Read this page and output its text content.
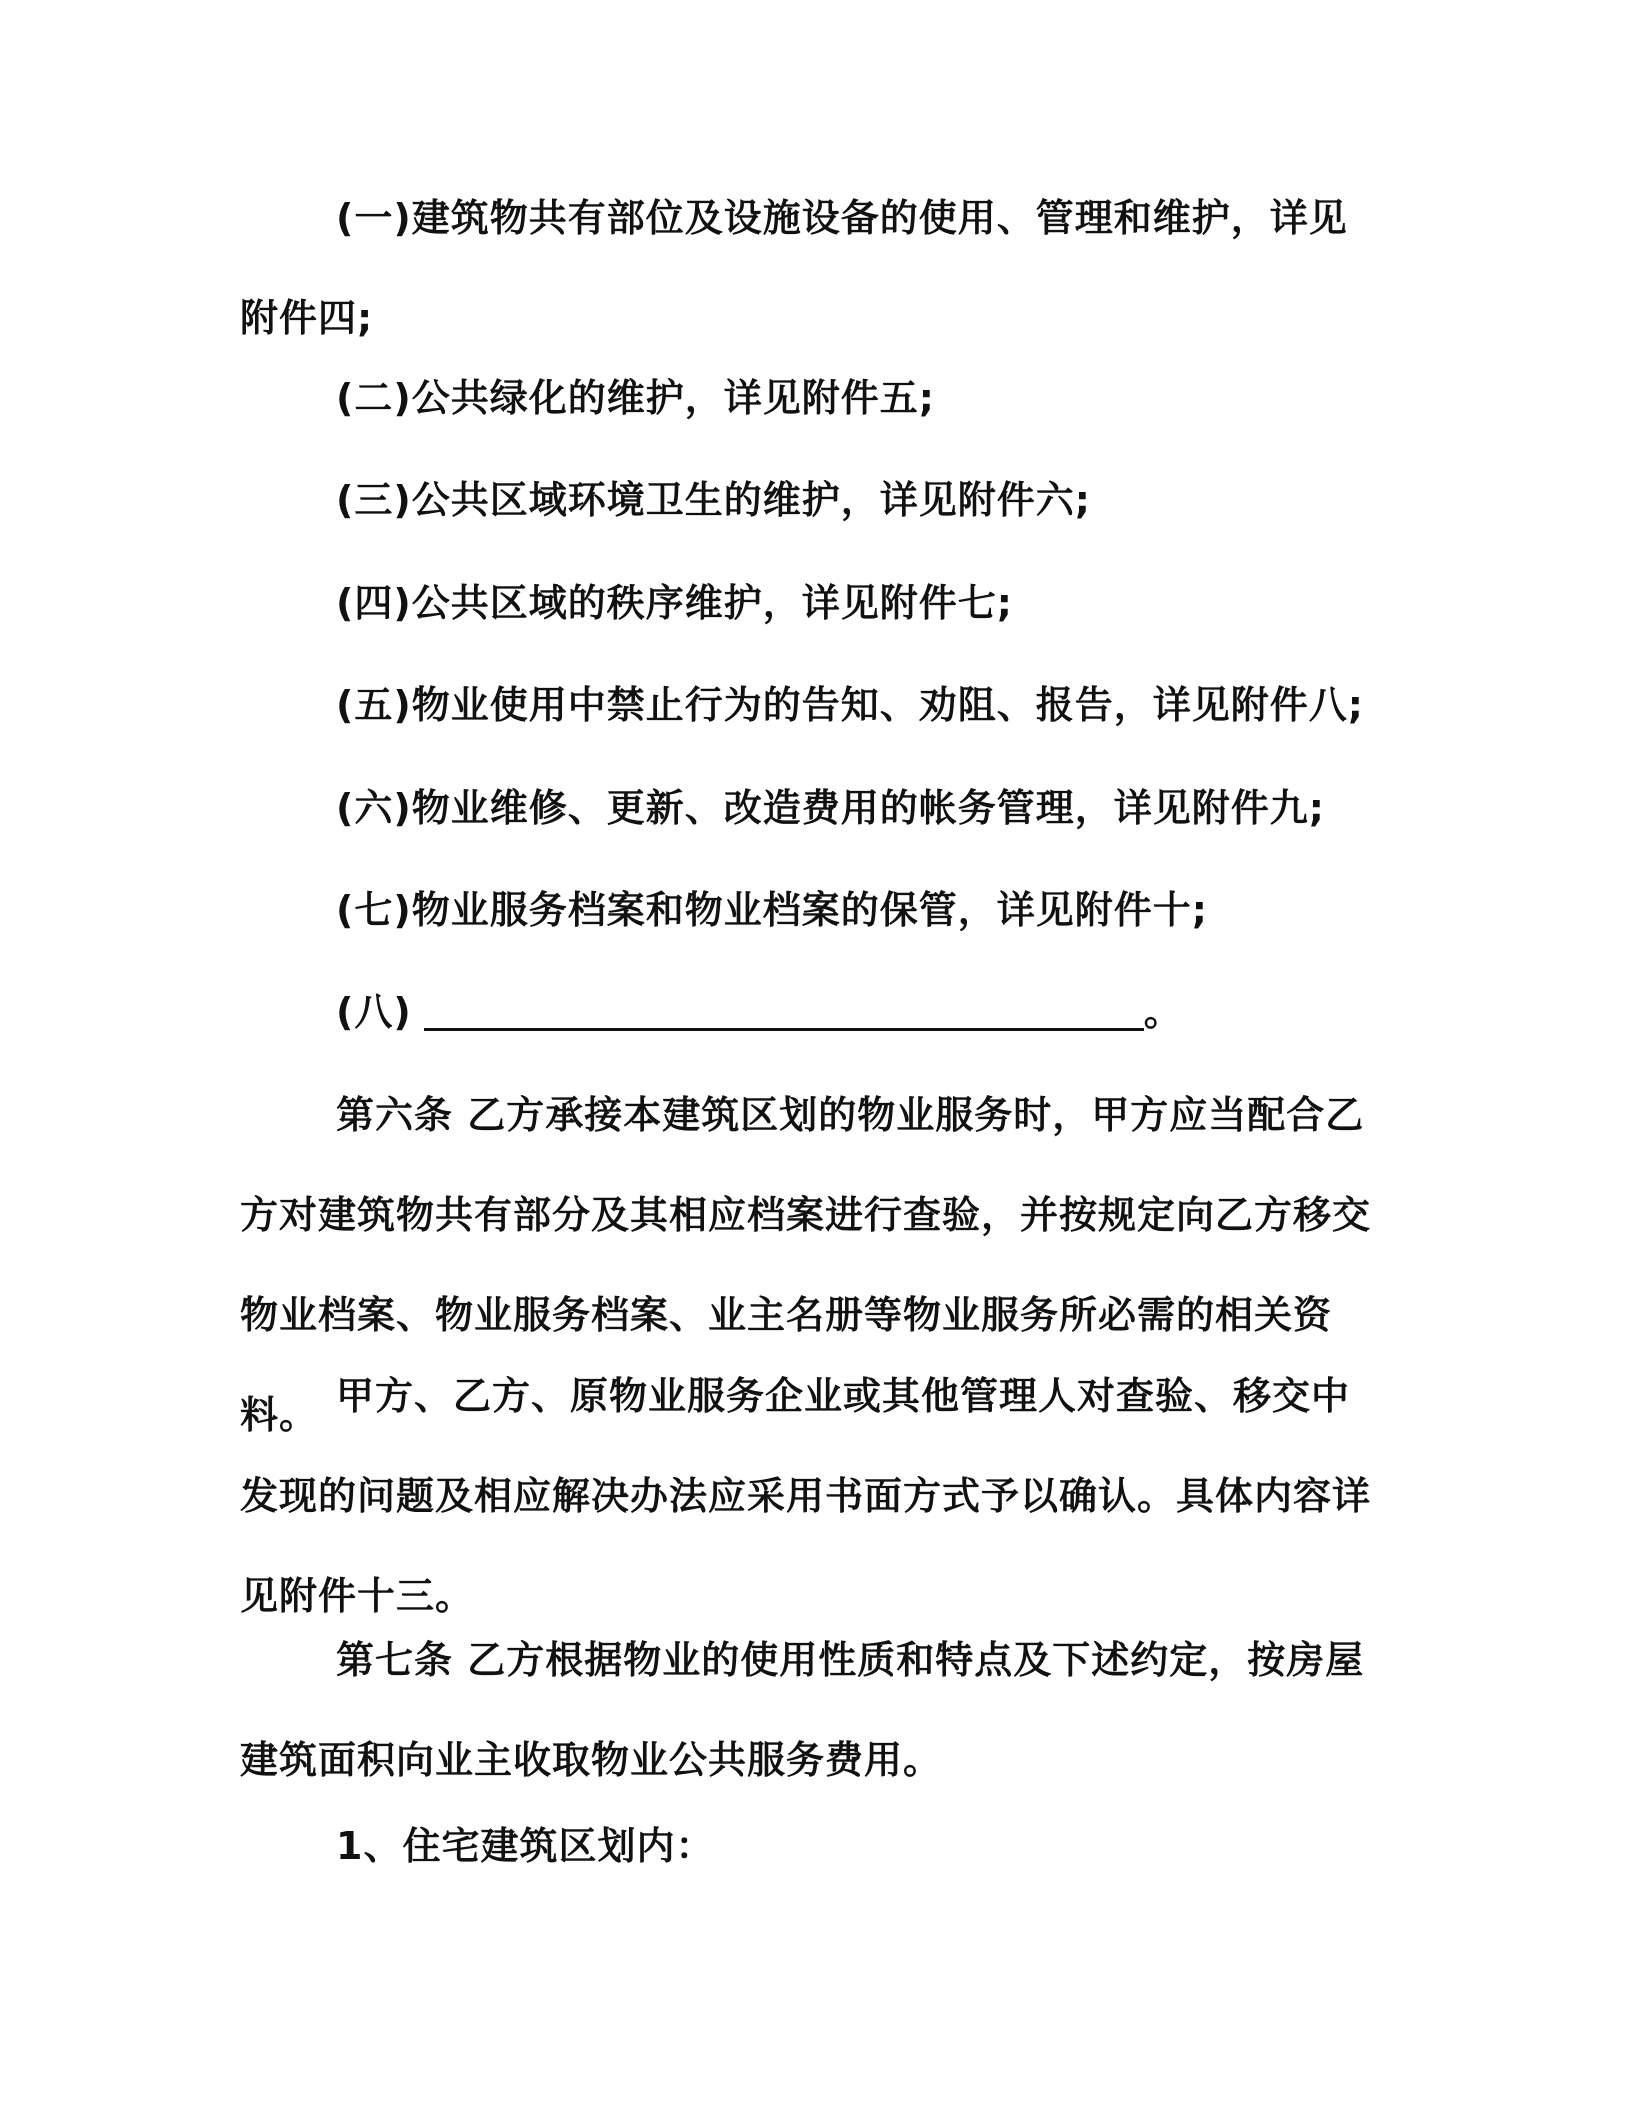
(一)建筑物共有部位及设施设备的使用、管理和维护，详见附件四;

(二)公共绿化的维护，详见附件五;

(三)公共区域环境卫生的维护，详见附件六;

(四)公共区域的秩序维护，详见附件七;

(五)物业使用中禁止行为的告知、劝阻、报告，详见附件八;

(六)物业维修、更新、改造费用的帐务管理，详见附件九;

(七)物业服务档案和物业档案的保管，详见附件十;

(八)	。

第六条 乙方承接本建筑区划的物业服务时，甲方应当配合乙方对建筑物共有部分及其相应档案进行查验，并按规定向乙方移交物业档案、物业服务档案、业主名册等物业服务所必需的相关资料。 甲方、乙方、原物业服务企业或其他管理人对查验、移交中发现的问题及相应解决办法应采用书面方式予以确认。具体内容详见附件十三。

第七条 乙方根据物业的使用性质和特点及下述约定，按房屋建筑面积向业主收取物业公共服务费用。

1、住宅建筑区划内：
